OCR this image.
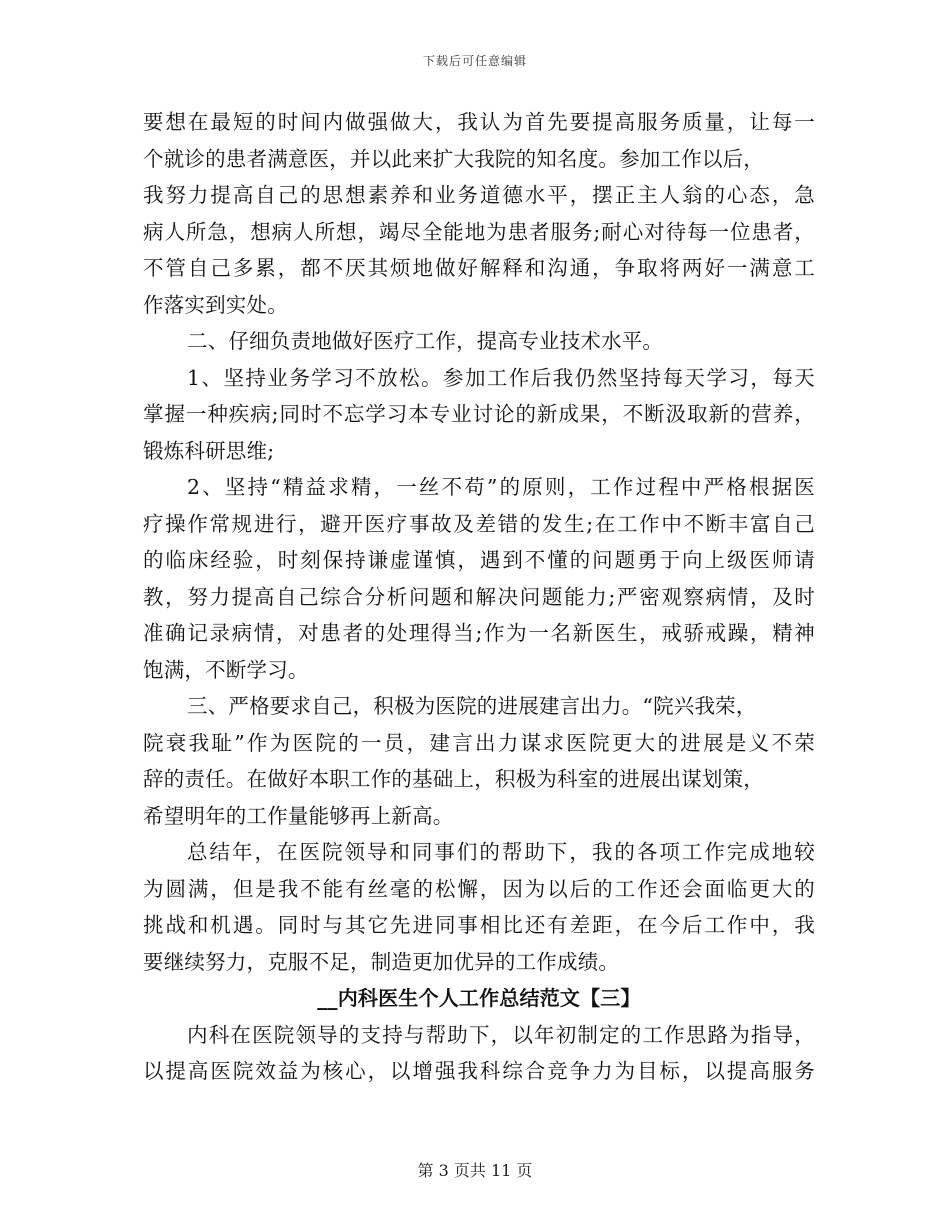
下载后可任意编辑
要想在最短的时间内做强做大，我认为首先要提高服务质量，让每一
个就诊的患者满意医，并以此来扩大我院的知名度。参加工作以后，
我努力提高自己的思想素养和业务道德水平，摆正主人翁的心态，急
病人所急，想病人所想，竭尽全能地为患者服务;耐心对待每一位患者，
不管自己多累，都不厌其烦地做好解释和沟通，争取将两好一满意工
作落实到实处。
二、仔细负责地做好医疗工作，提高专业技术水平。
1、坚持业务学习不放松。参加工作后我仍然坚持每天学习，每天
掌握一种疾病;同时不忘学习本专业讨论的新成果，不断汲取新的营养，
锻炼科研思维;
2、坚持“精益求精，一丝不苟”的原则，工作过程中严格根据医
疗操作常规进行，避开医疗事故及差错的发生;在工作中不断丰富自己
的临床经验，时刻保持谦虚谨慎，遇到不懂的问题勇于向上级医师请
教，努力提高自己综合分析问题和解决问题能力;严密观察病情，及时
准确记录病情，对患者的处理得当;作为一名新医生，戒骄戒躁，精神
饱满，不断学习。
三、严格要求自己，积极为医院的进展建言出力。“院兴我荣，
院衰我耻”作为医院的一员，建言出力谋求医院更大的进展是义不荣
辞的责任。在做好本职工作的基础上，积极为科室的进展出谋划策，
希望明年的工作量能够再上新高。
总结年，在医院领导和同事们的帮助下，我的各项工作完成地较
为圆满，但是我不能有丝毫的松懈，因为以后的工作还会面临更大的
挑战和机遇。同时与其它先进同事相比还有差距，在今后工作中，我
要继续努力，克服不足，制造更加优异的工作成绩。
__内科医生个人工作总结范文【三】
内科在医院领导的支持与帮助下，以年初制定的工作思路为指导，
以提高医院效益为核心，以增强我科综合竞争力为目标，以提高服务
第 3 页共 11 页
